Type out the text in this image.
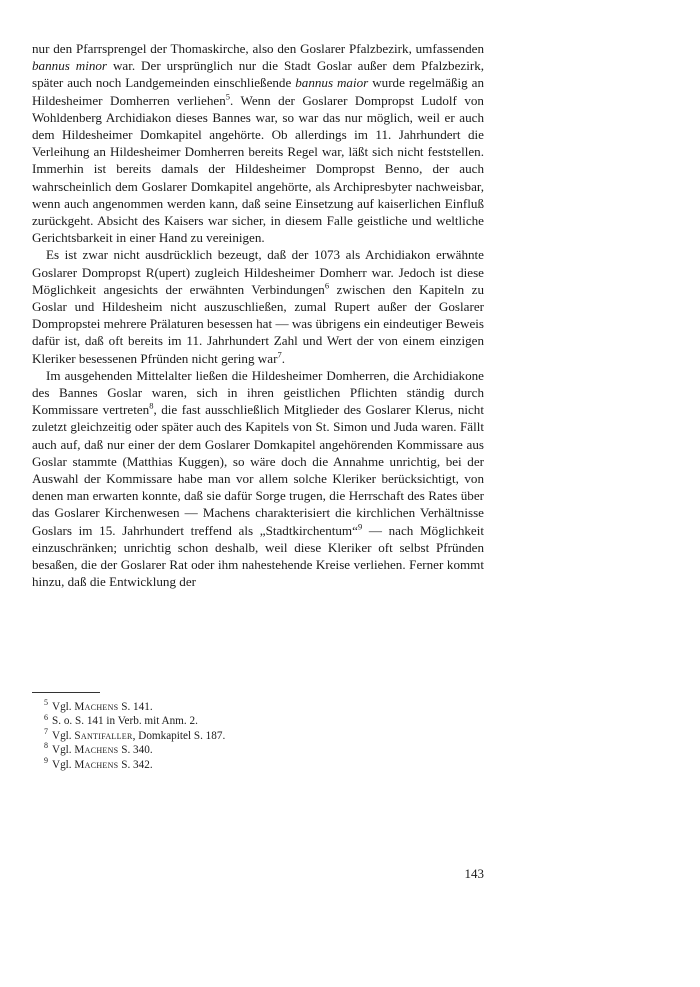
nur den Pfarrsprengel der Thomaskirche, also den Goslarer Pfalzbezirk, umfassenden bannus minor war. Der ursprünglich nur die Stadt Goslar außer dem Pfalzbezirk, später auch noch Landgemeinden einschließende bannus maior wurde regelmäßig an Hildesheimer Domherren verliehen$^5$. Wenn der Goslarer Dompropst Ludolf von Wohldenberg Archidiakon dieses Bannes war, so war das nur möglich, weil er auch dem Hildesheimer Domkapitel angehörte. Ob allerdings im 11. Jahrhundert die Verleihung an Hildesheimer Domherren bereits Regel war, läßt sich nicht feststellen. Immerhin ist bereits damals der Hildesheimer Dompropst Benno, der auch wahrscheinlich dem Goslarer Domkapitel angehörte, als Archipresbyter nachweisbar, wenn auch angenommen werden kann, daß seine Einsetzung auf kaiserlichen Einfluß zurückgeht. Absicht des Kaisers war sicher, in diesem Falle geistliche und weltliche Gerichtsbarkeit in einer Hand zu vereinigen.

Es ist zwar nicht ausdrücklich bezeugt, daß der 1073 als Archidiakon erwähnte Goslarer Dompropst R(upert) zugleich Hildesheimer Domherr war. Jedoch ist diese Möglichkeit angesichts der erwähnten Verbindungen$^6$ zwischen den Kapiteln zu Goslar und Hildesheim nicht auszuschließen, zumal Rupert außer der Goslarer Dompropstei mehrere Prälaturen besessen hat — was übrigens ein eindeutiger Beweis dafür ist, daß oft bereits im 11. Jahrhundert Zahl und Wert der von einem einzigen Kleriker besessenen Pfründen nicht gering war$^7$.

Im ausgehenden Mittelalter ließen die Hildesheimer Domherren, die Archidiakone des Bannes Goslar waren, sich in ihren geistlichen Pflichten ständig durch Kommissare vertreten$^8$, die fast ausschließlich Mitglieder des Goslarer Klerus, nicht zuletzt gleichzeitig oder später auch des Kapitels von St. Simon und Juda waren. Fällt auch auf, daß nur einer der dem Goslarer Domkapitel angehörenden Kommissare aus Goslar stammte (Matthias Kuggen), so wäre doch die Annahme unrichtig, bei der Auswahl der Kommissare habe man vor allem solche Kleriker berücksichtigt, von denen man erwarten konnte, daß sie dafür Sorge trugen, die Herrschaft des Rates über das Goslarer Kirchenwesen — Machens charakterisiert die kirchlichen Verhältnisse Goslars im 15. Jahrhundert treffend als „Stadtkirchentum“$^9$ — nach Möglichkeit einzuschränken; unrichtig schon deshalb, weil diese Kleriker oft selbst Pfründen besaßen, die der Goslarer Rat oder ihm nahestehende Kreise verliehen. Ferner kommt hinzu, daß die Entwicklung der

$^5$ Vgl. Machens S. 141.
$^6$ S. o. S. 141 in Verb. mit Anm. 2.
$^7$ Vgl. Santifaller, Domkapitel S. 187.
$^8$ Vgl. Machens S. 340.
$^9$ Vgl. Machens S. 342.
143
